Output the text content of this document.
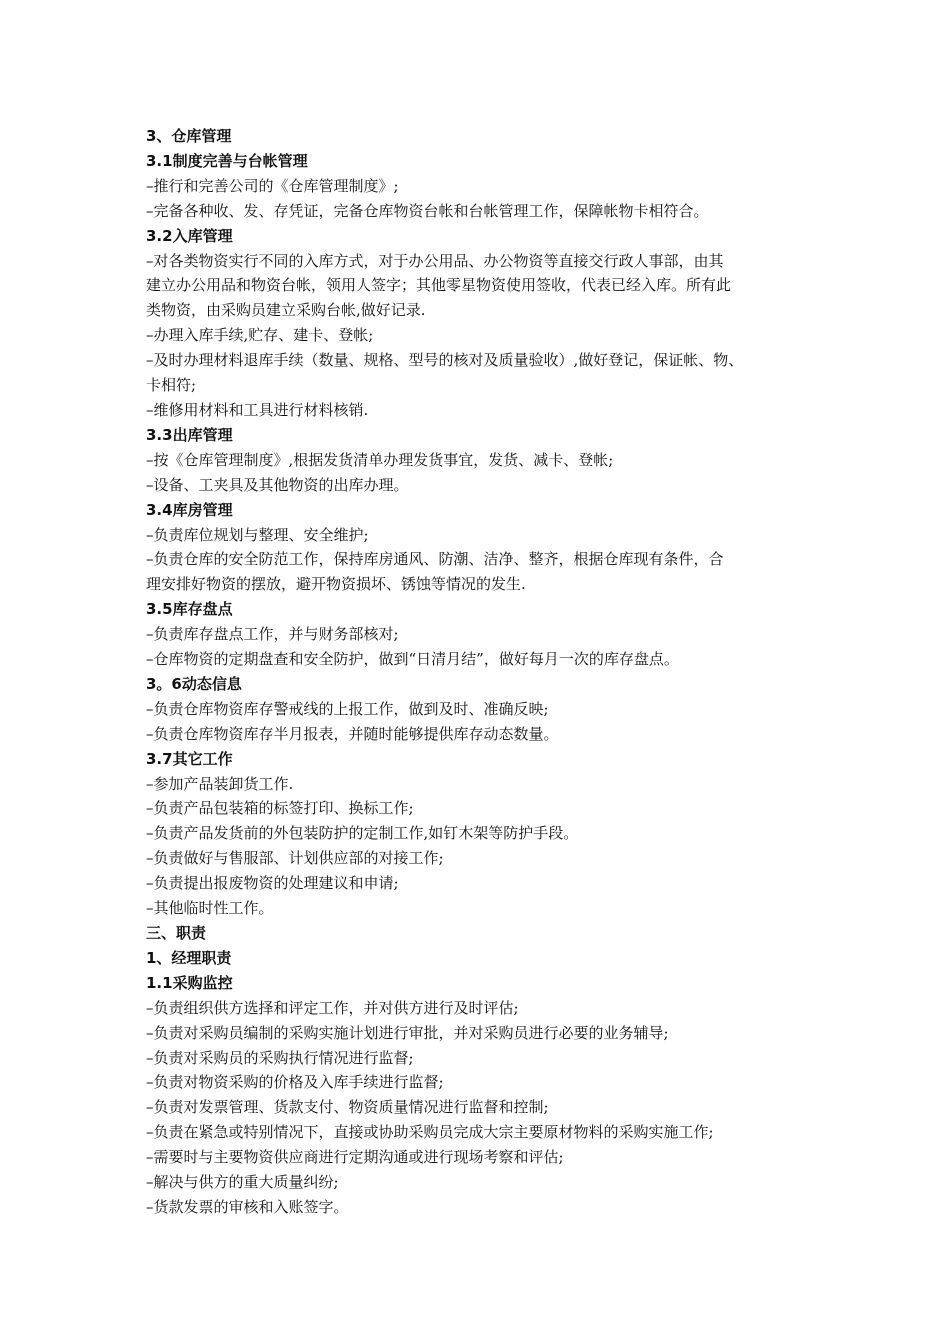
3、仓库管理

3.1制度完善与台帐管理

–推行和完善公司的《仓库管理制度》;

–完备各种收、发、存凭证，完备仓库物资台帐和台帐管理工作，保障帐物卡相符合。

3.2入库管理

–对各类物资实行不同的入库方式，对于办公用品、办公物资等直接交行政人事部，由其

建立办公用品和物资台帐，领用人签字；其他零星物资使用签收，代表已经入库。所有此

类物资，由采购员建立采购台帐,做好记录.

–办理入库手续,贮存、建卡、登帐;

–及时办理材料退库手续（数量、规格、型号的核对及质量验收）,做好登记，保证帐、物、

卡相符;

–维修用材料和工具进行材料核销.

3.3出库管理

–按《仓库管理制度》,根据发货清单办理发货事宜，发货、减卡、登帐;

–设备、工夹具及其他物资的出库办理。

3.4库房管理

–负责库位规划与整理、安全维护;

–负责仓库的安全防范工作，保持库房通风、防潮、洁净、整齐，根据仓库现有条件，合

理安排好物资的摆放，避开物资损坏、锈蚀等情况的发生.

3.5库存盘点

–负责库存盘点工作，并与财务部核对;

–仓库物资的定期盘查和安全防护，做到“日清月结”，做好每月一次的库存盘点。

3。6动态信息

–负责仓库物资库存警戒线的上报工作，做到及时、准确反映;

–负责仓库物资库存半月报表，并随时能够提供库存动态数量。

3.7其它工作

–参加产品装卸货工作.

–负责产品包装箱的标签打印、换标工作;

–负责产品发货前的外包装防护的定制工作,如钉木架等防护手段。

–负责做好与售服部、计划供应部的对接工作;

–负责提出报废物资的处理建议和申请;

–其他临时性工作。

三、职责

1、经理职责

1.1采购监控

–负责组织供方选择和评定工作，并对供方进行及时评估;

–负责对采购员编制的采购实施计划进行审批，并对采购员进行必要的业务辅导;

–负责对采购员的采购执行情况进行监督;

–负责对物资采购的价格及入库手续进行监督;

–负责对发票管理、货款支付、物资质量情况进行监督和控制;

–负责在紧急或特别情况下，直接或协助采购员完成大宗主要原材物料的采购实施工作;

–需要时与主要物资供应商进行定期沟通或进行现场考察和评估;

–解决与供方的重大质量纠纷;

–货款发票的审核和入账签字。
